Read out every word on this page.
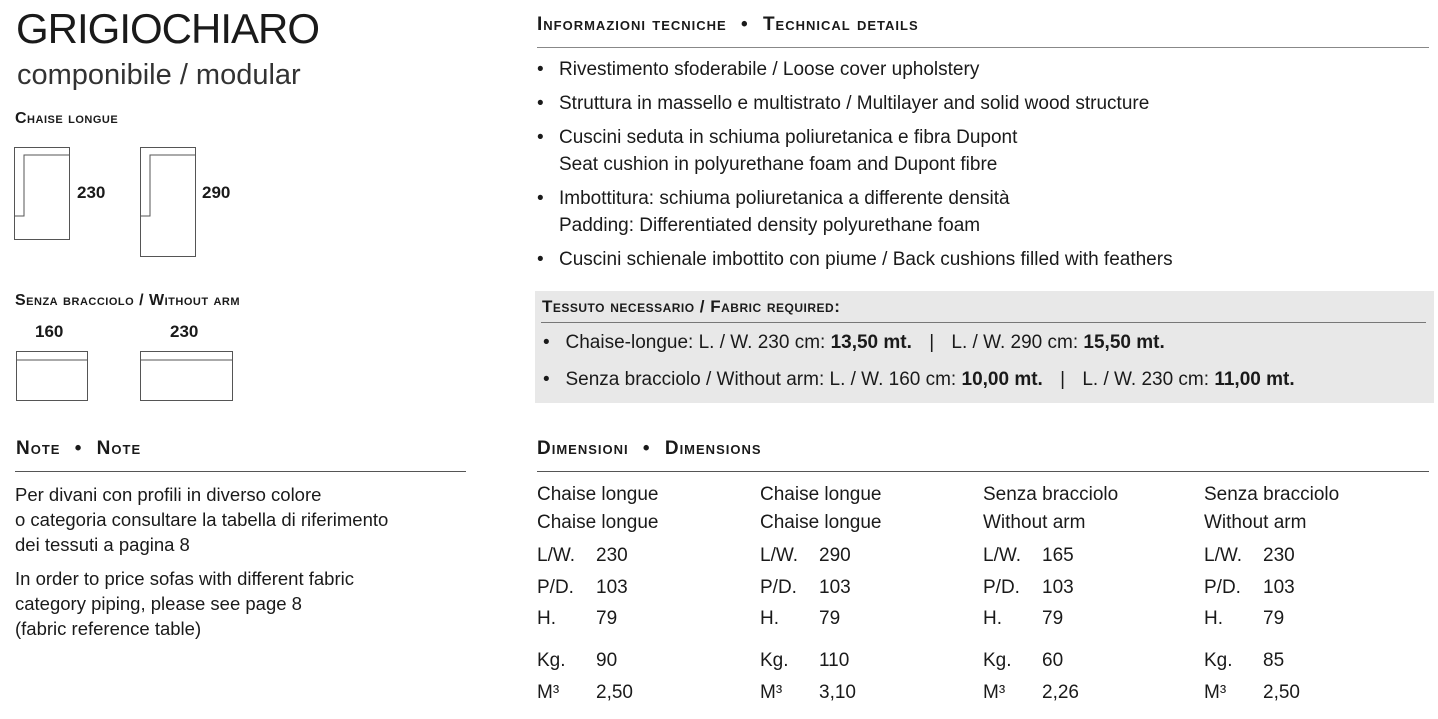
GRIGIOCHIARO
componibile / modular
Chaise longue
230	290
Senza bracciolo / Without arm
160	230
Note • Note
Per divani con profili in diverso colore
o categoria consultare la tabella di riferimento
dei tessuti a pagina 8
In order to price sofas with different fabric
category piping, please see page 8
(fabric reference table)
Informazioni tecniche • Technical details
• Rivestimento sfoderabile / Loose cover upholstery
• Struttura in massello e multistrato / Multilayer and solid wood structure
• Cuscini seduta in schiuma poliuretanica e fibra Dupont
Seat cushion in polyurethane foam and Dupont fibre
• Imbottitura: schiuma poliuretanica a differente densità
Padding: Differentiated density polyurethane foam
• Cuscini schienale imbottito con piume / Back cushions filled with feathers
Tessuto necessario / Fabric required:
• Chaise-longue: L. / W. 230 cm: 13,50 mt. | L. / W. 290 cm: 15,50 mt.
• Senza bracciolo / Without arm: L. / W. 160 cm: 10,00 mt. | L. / W. 230 cm: 11,00 mt.
Dimensioni • Dimensions
Chaise longue
Chaise longue
L/W. 230
P/D. 103
H. 79
Kg. 90
M³ 2,50
Chaise longue
Chaise longue
L/W. 290
P/D. 103
H. 79
Kg. 110
M³ 3,10
Senza bracciolo
Without arm
L/W. 165
P/D. 103
H. 79
Kg. 60
M³ 2,26
Senza bracciolo
Without arm
L/W. 230
P/D. 103
H. 79
Kg. 85
M³ 2,50
